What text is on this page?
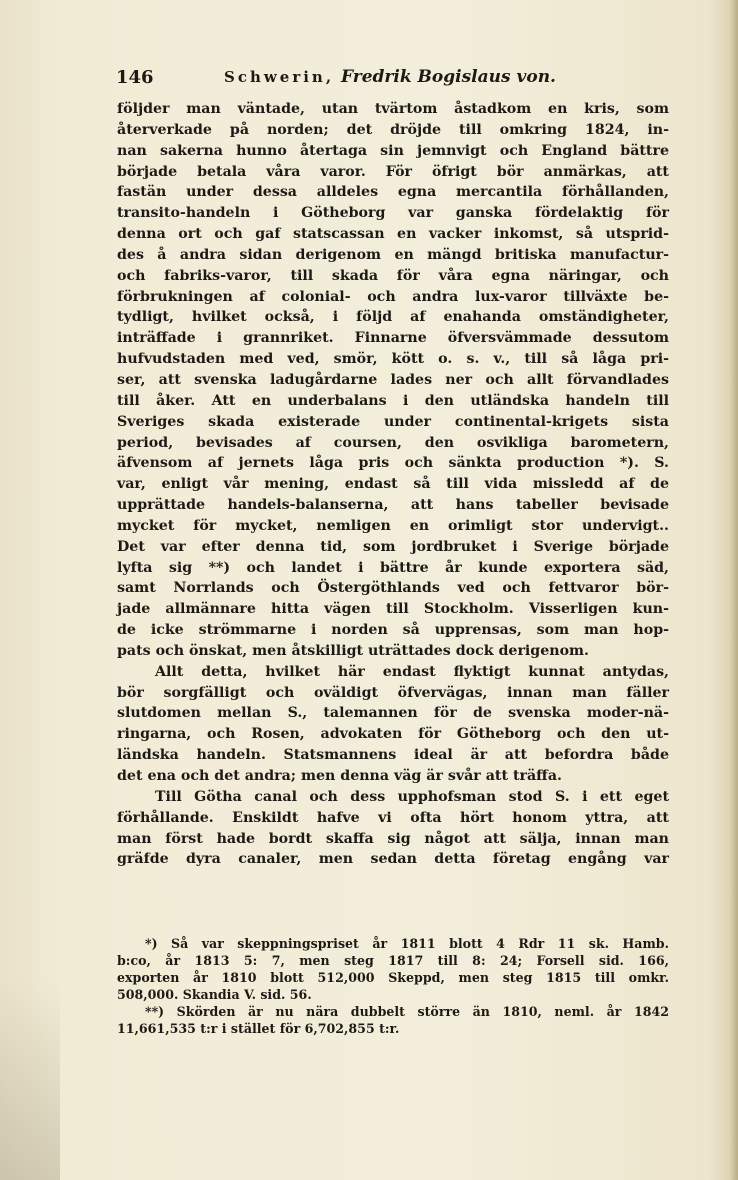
146	Schwerin, Fredrik Bogislaus von.
följder man väntade, utan tvärtom åstadkom en kris, som
återverkade på norden; det dröjde till omkring 1824, in-
nan sakerna hunno återtaga sin jemnvigt och England bättre
började betala våra varor. För öfrigt bör anmärkas, att
fastän under dessa alldeles egna mercantila förhållanden,
transito-handeln i Götheborg var ganska fördelaktig för
denna ort och gaf statscassan en vacker inkomst, så utsprid-
des å andra sidan derigenom en mängd britiska manufactur-
och fabriks-varor, till skada för våra egna näringar, och
förbrukningen af colonial- och andra lux-varor tillväxte be-
tydligt, hvilket också, i följd af enahanda omständigheter,
inträffade i grannriket. Finnarne öfversvämmade dessutom
hufvudstaden med ved, smör, kött o. s. v., till så låga pri-
ser, att svenska ladugårdarne lades ner och allt förvandlades
till åker. Att en underbalans i den utländska handeln till
Sveriges skada existerade under continental-krigets sista
period, bevisades af coursen, den osvikliga barometern,
äfvensom af jernets låga pris och sänkta production *). S.
var, enligt vår mening, endast så till vida missledd af de
upprättade handels-balanserna, att hans tabeller bevisade
mycket för mycket, nemligen en orimligt stor undervigt..
Det var efter denna tid, som jordbruket i Sverige började
lyfta sig **) och landet i bättre år kunde exportera säd,
samt Norrlands och Östergöthlands ved och fettvaror bör-
jade allmännare hitta vägen till Stockholm. Visserligen kun-
de icke strömmarne i norden så upprensas, som man hop-
pats och önskat, men åtskilligt uträttades dock derigenom.
Allt detta, hvilket här endast flyktigt kunnat antydas,
bör sorgfälligt och oväldigt öfvervägas, innan man fäller
slutdomen mellan S., talemannen för de svenska moder-nä-
ringarna, och Rosen, advokaten för Götheborg och den ut-
ländska handeln. Statsmannens ideal är att befordra både
det ena och det andra; men denna väg är svår att träffa.
Till Götha canal och dess upphofsman stod S. i ett eget
förhållande. Enskildt hafve vi ofta hört honom yttra, att
man först hade bordt skaffa sig något att sälja, innan man
gräfde dyra canaler, men sedan detta företag engång var
*) Så var skeppningspriset år 1811 blott 4 Rdr 11 sk. Hamb.
b:co, år 1813 5: 7, men steg 1817 till 8: 24; Forsell sid. 166,
exporten år 1810 blott 512,000 Skeppd, men steg 1815 till omkr.
508,000. Skandia V. sid. 56.
**) Skörden är nu nära dubbelt större än 1810, neml. år 1842
11,661,535 t:r i stället för 6,702,855 t:r.
